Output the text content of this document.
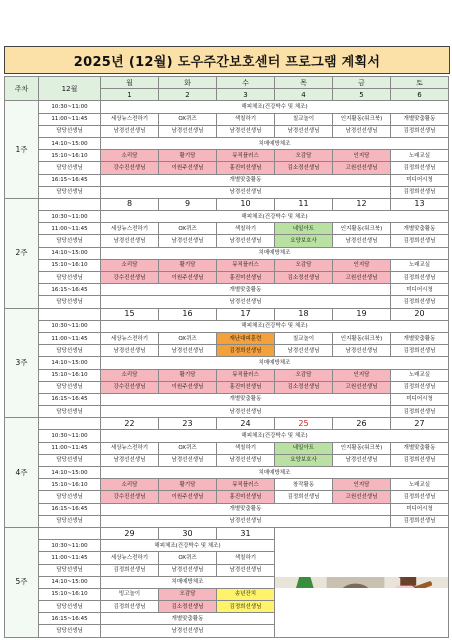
2025년 (12월) 도우주간보호센터 프로그램 계획서
주차	12월	월	화	수	목	금	토
		1	2	3	4	5	6
1주	10:30~11:00	해피체조(건강박수 및 체조)					
	11:00~11:45	세상뉴스전하기	OX퀴즈	색칠하기	칠교놀이	인지활동(워크북)	개별맞춤활동
	담당선생님	남경선선생님	남경선선생님	남경선선생님	남경선선생님	남경선선생님	김정희선생님
	14:10~15:00	치매예방체조					
	15:10~16:10	소리담	활기담	뮤직플러스	오감담	인지담	노래교실
	담당선생님	강수진선생님	이원주선생님	홍진미선생님	김소정선생님	고원선선생님	김정희선생님
	16:15~16:45	개별맞춤활동					미디어시청
	담당선생님	남경선선생님					김정희선생님
2주		8	9	10	11	12	13
	10:30~11:00	해피체조(건강박수 및 체조)					
	11:00~11:45	세상뉴스전하기	OX퀴즈	색칠하기	네일아트	인지활동(워크북)	개별맞춤활동
	담당선생님	남경선선생님	남경선선생님	남경선선생님	요양보호사	남경선선생님	김정희선생님
	14:10~15:00	치매예방체조					
	15:10~16:10	소리담	활기담	뮤직플러스	오감담	인지담	노래교실
	담당선생님	강수진선생님	이원주선생님	홍진미선생님	김소정선생님	고원선선생님	김정희선생님
	16:15~16:45	개별맞춤활동					미디어시청
	담당선생님	남경선선생님					김정희선생님
3주		15	16	17	18	19	20
	10:30~11:00	해피체조(건강박수 및 체조)					
	11:00~11:45	세상뉴스전하기	OX퀴즈	재난대피훈련	칠교놀이	인지활동(워크북)	개별맞춤활동
	담당선생님	남경선선생님	남경선선생님	김경희선생님	남경선선생님	남경선선생님	김정희선생님
	14:10~15:00	치매예방체조					
	15:10~16:10	소리담	활기담	뮤직플러스	오감담	인지담	노래교실
	담당선생님	강수진선생님	이원주선생님	홍진미선생님	김소정선생님	고원선선생님	김정희선생님
	16:15~16:45	개별맞춤활동					미디어시청
	담당선생님	남경선선생님					김정희선생님
4주		22	23	24	25	26	27
	10:30~11:00	해피체조(건강박수 및 체조)					
	11:00~11:45	세상뉴스전하기	OX퀴즈	색칠하기	네일아트	인지활동(워크북)	개별맞춤활동
	담당선생님	남경선선생님	남경선선생님	남경선선생님	요양보호사	남경선선생님	김정희선생님
	14:10~15:00	치매예방체조					
	15:10~16:10	소리담	활기담	뮤직플러스	창작활동	인지담	노래교실
	담당선생님	강수진선생님	이원주선생님	홍진미선생님	김정희선생님	고원선선생님	김정희선생님
	16:15~16:45	개별맞춤활동					미디어시청
	담당선생님	남경선선생님					김정희선생님
5주		29	30	31	

	10:30~11:00	해피체조(건강박수 및 체조)					
	11:00~11:45	세상뉴스전하기	OX퀴즈	색칠하기			
	담당선생님	김정희선생님	남경선선생님	남경선선생님			
	14:10~15:00	치매예방체조					
	15:10~16:10	빙고놀이	오감담	송년잔치			
	담당선생님	김정희선생님	김소정선생님	김정희선생님			
	16:15~16:45	개별맞춤활동					
	담당선생님	남경선선생님					
